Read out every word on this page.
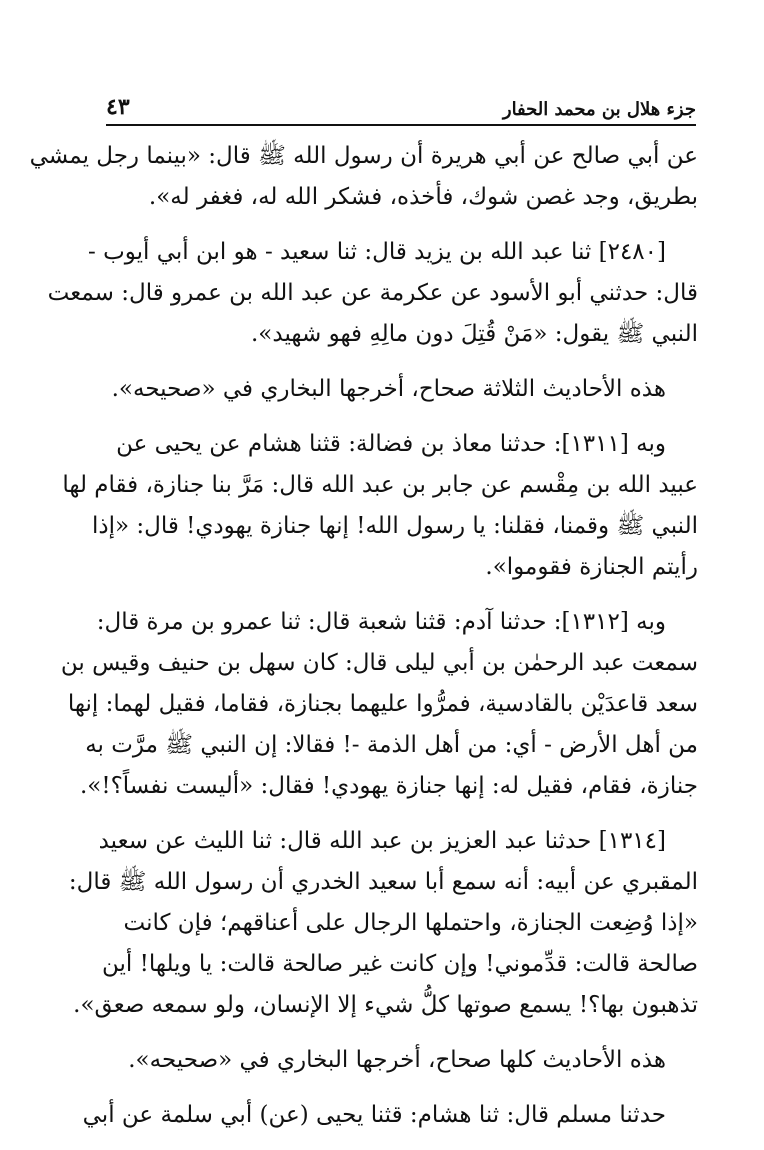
جزء هلال بن محمد الحفار
٤٣

عن أبي صالح عن أبي هريرة أن رسول الله ﷺ قال: «بينما رجل يمشي
بطريق، وجد غصن شوك، فأخذه، فشكر الله له، فغفر له».

[٢٤٨٠] ثنا عبد الله بن يزيد قال: ثنا سعيد - هو ابن أبي أيوب -
قال: حدثني أبو الأسود عن عكرمة عن عبد الله بن عمرو قال: سمعت
النبي ﷺ يقول: «مَنْ قُتِلَ دون مالِهِ فهو شهيد».

هذه الأحاديث الثلاثة صحاح، أخرجها البخاري في «صحيحه».

وبه [١٣١١]: حدثنا معاذ بن فضالة: قثنا هشام عن يحيى عن
عبيد الله بن مِقْسم عن جابر بن عبد الله قال: مَرَّ بنا جنازة، فقام لها
النبي ﷺ وقمنا، فقلنا: يا رسول الله! إنها جنازة يهودي! قال: «إذا
رأيتم الجنازة فقوموا».

وبه [١٣١٢]: حدثنا آدم: قثنا شعبة قال: ثنا عمرو بن مرة قال:
سمعت عبد الرحمٰن بن أبي ليلى قال: كان سهل بن حنيف وقيس بن
سعد قاعدَيْن بالقادسية، فمرُّوا عليهما بجنازة، فقاما، فقيل لهما: إنها
من أهل الأرض - أي: من أهل الذمة -! فقالا: إن النبي ﷺ مرَّت به
جنازة، فقام، فقيل له: إنها جنازة يهودي! فقال: «أليست نفساً؟!».

[١٣١٤] حدثنا عبد العزيز بن عبد الله قال: ثنا الليث عن سعيد
المقبري عن أبيه: أنه سمع أبا سعيد الخدري أن رسول الله ﷺ قال:
«إذا وُضِعت الجنازة، واحتملها الرجال على أعناقهم؛ فإن كانت
صالحة قالت: قدِّموني! وإن كانت غير صالحة قالت: يا ويلها! أين
تذهبون بها؟! يسمع صوتها كلُّ شيء إلا الإنسان، ولو سمعه صعق».

هذه الأحاديث كلها صحاح، أخرجها البخاري في «صحيحه».

حدثنا مسلم قال: ثنا هشام: قثنا يحيى (عن) أبي سلمة عن أبي
